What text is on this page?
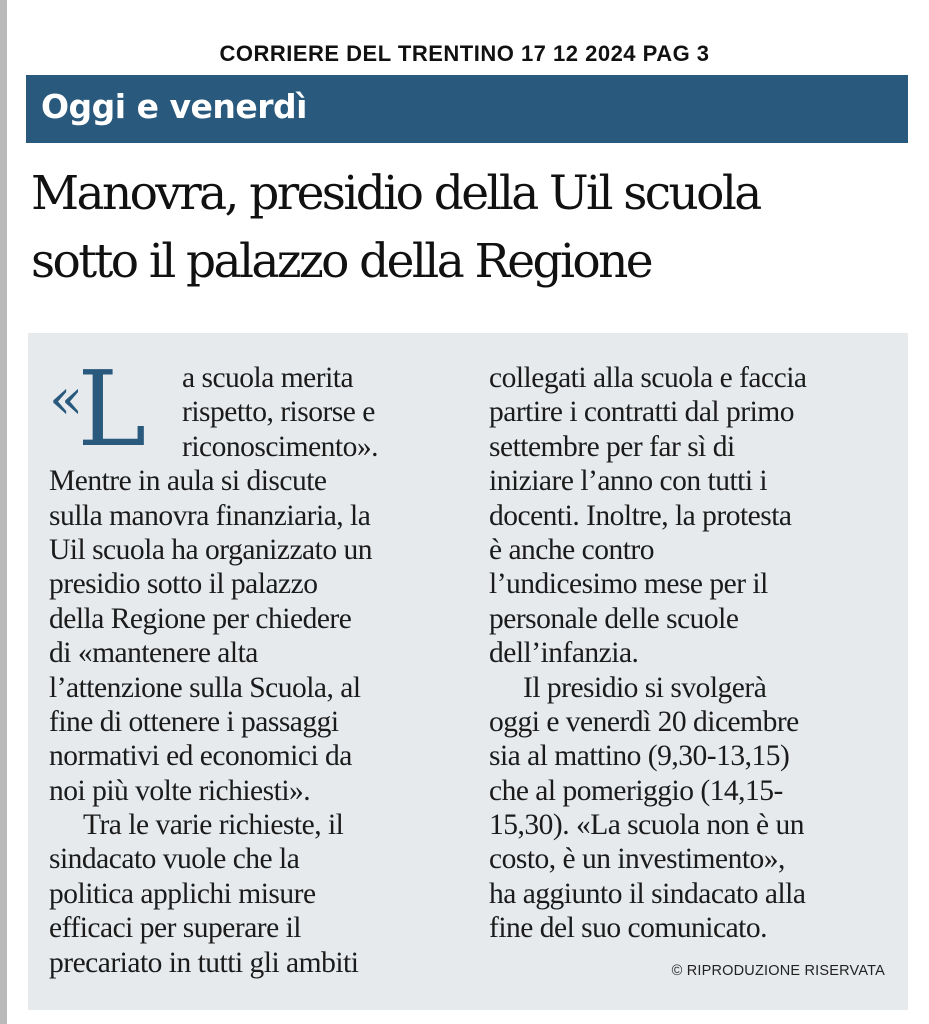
CORRIERE DEL TRENTINO 17 12 2024 PAG 3
Oggi e venerdì
Manovra, presidio della Uil scuola
sotto il palazzo della Regione
«L	a scuola merita
rispetto, risorse e
riconoscimento».
Mentre in aula si discute
sulla manovra finanziaria, la
Uil scuola ha organizzato un
presidio sotto il palazzo
della Regione per chiedere
di «mantenere alta
l’attenzione sulla Scuola, al
fine di ottenere i passaggi
normativi ed economici da
noi più volte richiesti».
Tra le varie richieste, il
sindacato vuole che la
politica applichi misure
efficaci per superare il
precariato in tutti gli ambiti
collegati alla scuola e faccia
partire i contratti dal primo
settembre per far sì di
iniziare l’anno con tutti i
docenti. Inoltre, la protesta
è anche contro
l’undicesimo mese per il
personale delle scuole
dell’infanzia.
Il presidio si svolgerà
oggi e venerdì 20 dicembre
sia al mattino (9,30-13,15)
che al pomeriggio (14,15-
15,30). «La scuola non è un
costo, è un investimento»,
ha aggiunto il sindacato alla
fine del suo comunicato.
© RIPRODUZIONE RISERVATA
